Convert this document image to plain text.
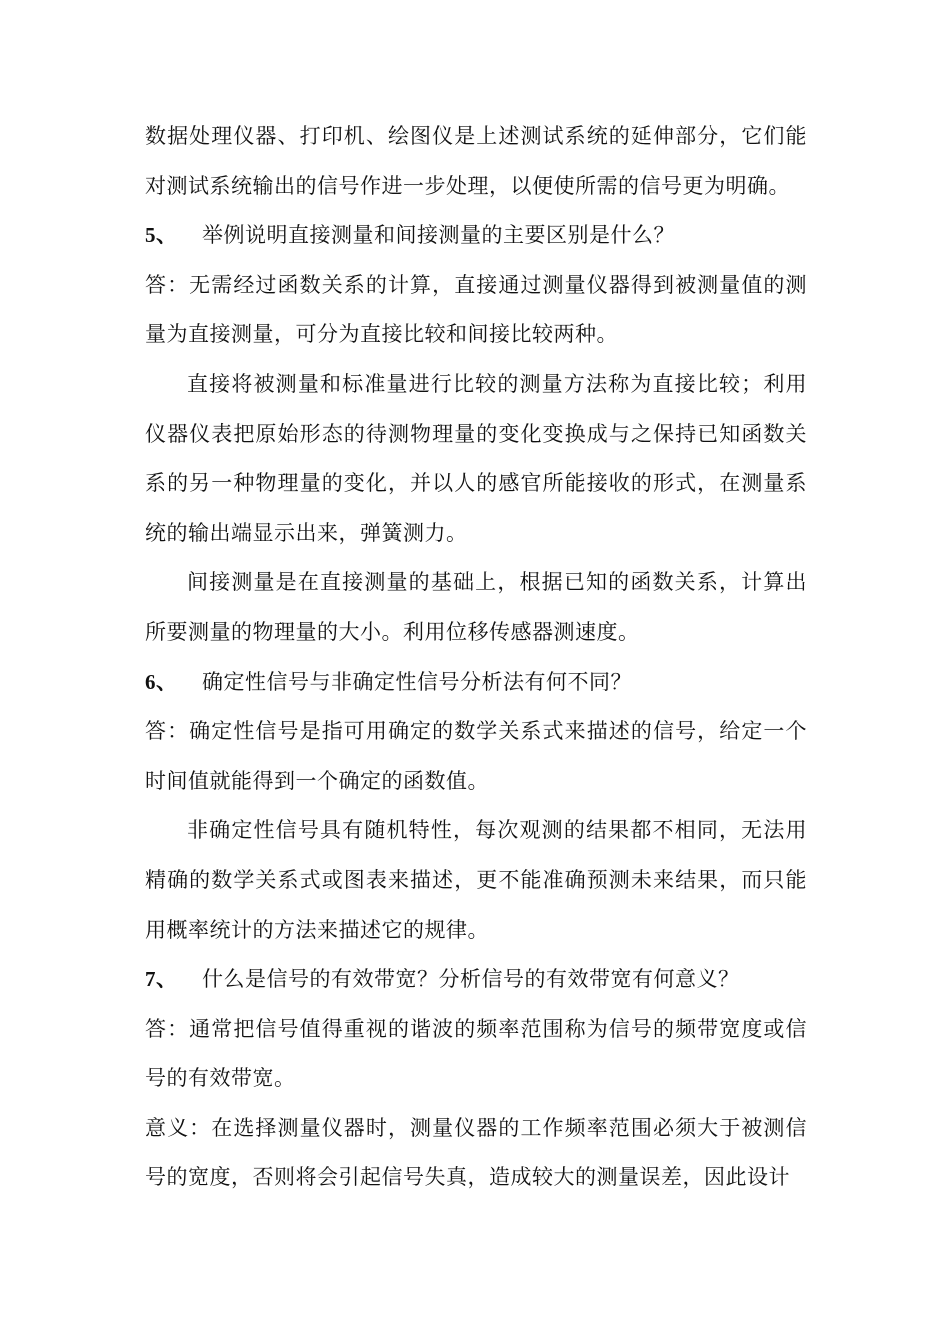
数据处理仪器、打印机、绘图仪是上述测试系统的延伸部分，它们能对测试系统输出的信号作进一步处理，以便使所需的信号更为明确。

5、	举例说明直接测量和间接测量的主要区别是什么？

答：无需经过函数关系的计算，直接通过测量仪器得到被测量值的测量为直接测量，可分为直接比较和间接比较两种。

直接将被测量和标准量进行比较的测量方法称为直接比较；利用仪器仪表把原始形态的待测物理量的变化变换成与之保持已知函数关系的另一种物理量的变化，并以人的感官所能接收的形式，在测量系统的输出端显示出来，弹簧测力。

间接测量是在直接测量的基础上，根据已知的函数关系，计算出所要测量的物理量的大小。利用位移传感器测速度。

6、	确定性信号与非确定性信号分析法有何不同？

答：确定性信号是指可用确定的数学关系式来描述的信号，给定一个时间值就能得到一个确定的函数值。

非确定性信号具有随机特性，每次观测的结果都不相同，无法用精确的数学关系式或图表来描述，更不能准确预测未来结果，而只能用概率统计的方法来描述它的规律。

7、	什么是信号的有效带宽？分析信号的有效带宽有何意义？

答：通常把信号值得重视的谐波的频率范围称为信号的频带宽度或信号的有效带宽。

意义：在选择测量仪器时，测量仪器的工作频率范围必须大于被测信号的宽度，否则将会引起信号失真，造成较大的测量误差，因此设计
